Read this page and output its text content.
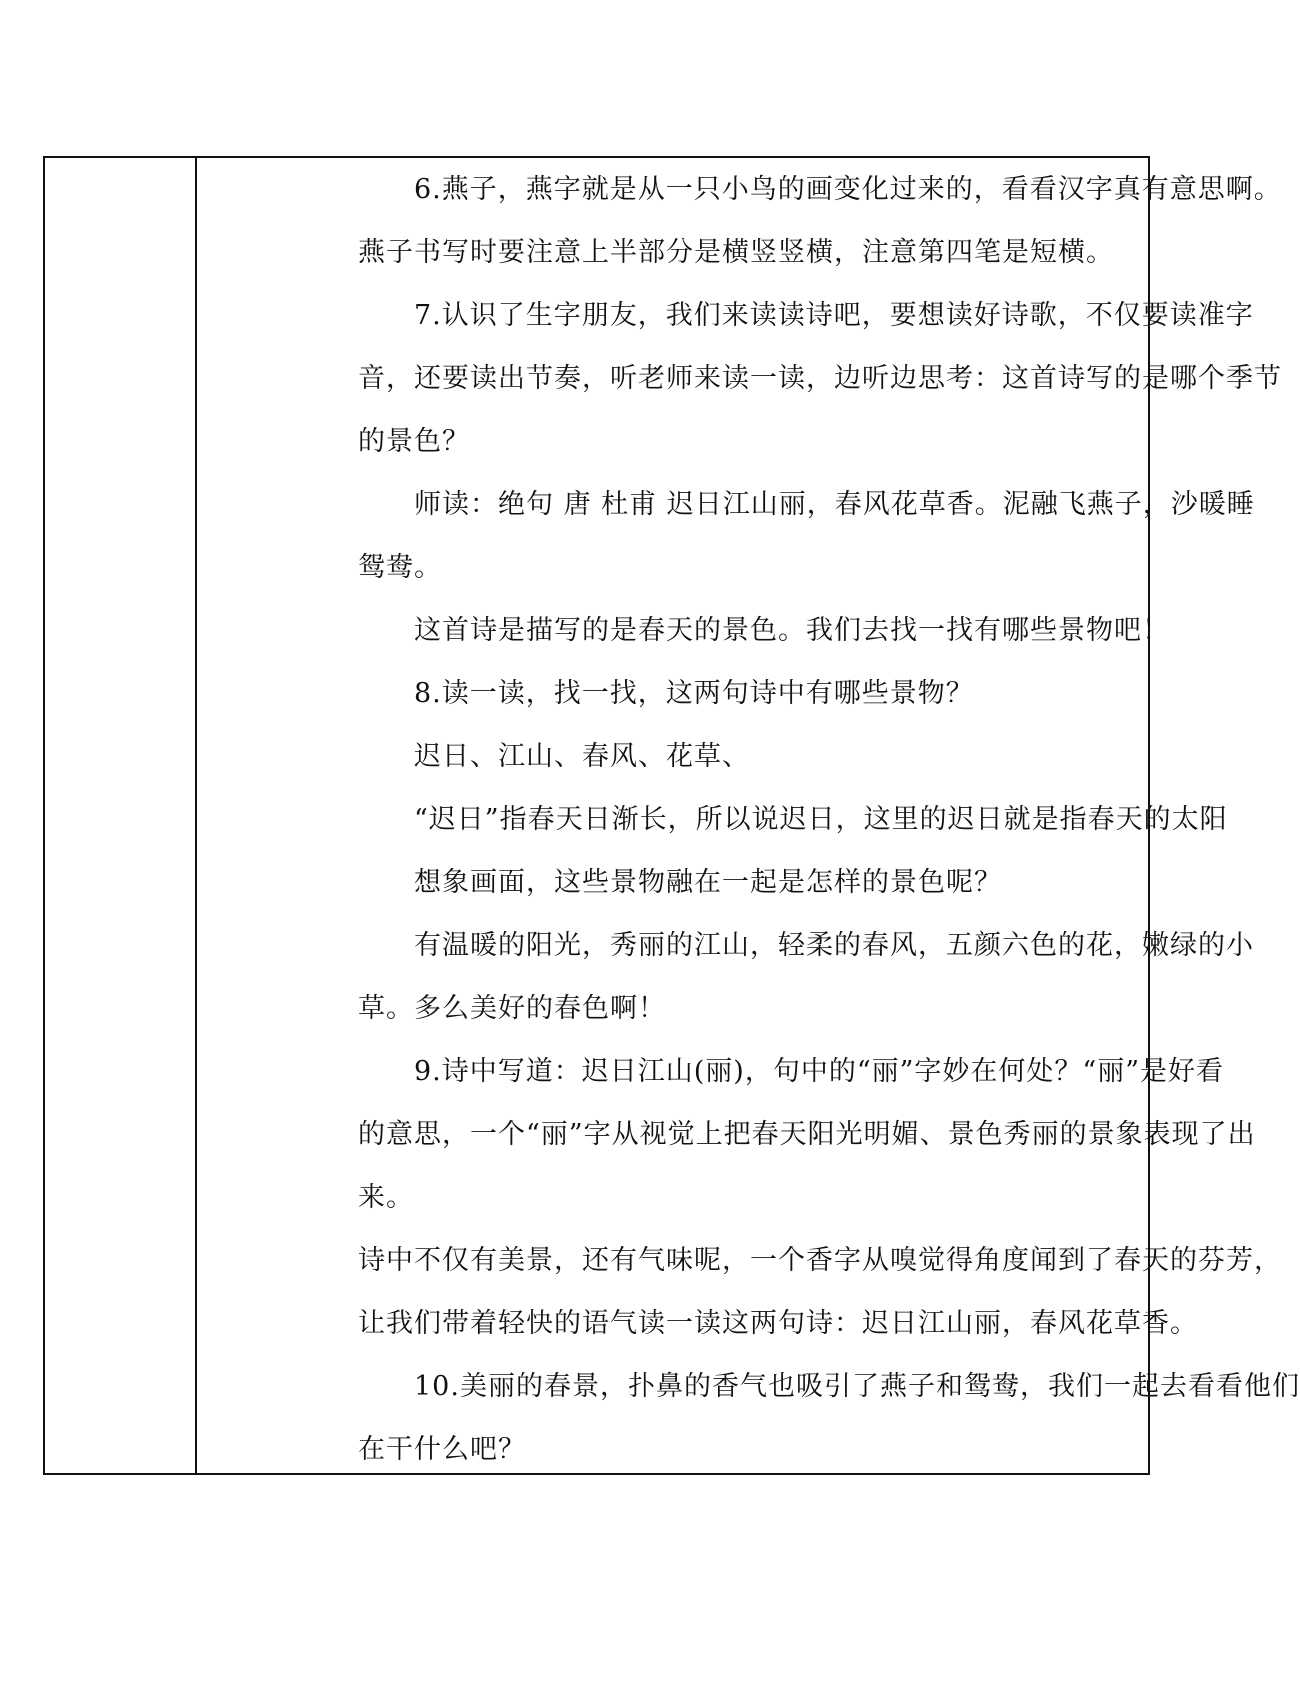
　　6.燕子，燕字就是从一只小鸟的画变化过来的，看看汉字真有意思啊。
燕子书写时要注意上半部分是横竖竖横，注意第四笔是短横。
　　7.认识了生字朋友，我们来读读诗吧，要想读好诗歌，不仅要读准字
音，还要读出节奏，听老师来读一读，边听边思考：这首诗写的是哪个季节
的景色？
　　师读：绝句 唐 杜甫 迟日江山丽，春风花草香。泥融飞燕子，沙暖睡
鸳鸯。
　　这首诗是描写的是春天的景色。我们去找一找有哪些景物吧！
　　8.读一读，找一找，这两句诗中有哪些景物？
　　迟日、江山、春风、花草、
　　“迟日”指春天日渐长，所以说迟日，这里的迟日就是指春天的太阳
　　想象画面，这些景物融在一起是怎样的景色呢？
　　有温暖的阳光，秀丽的江山，轻柔的春风，五颜六色的花，嫩绿的小
草。多么美好的春色啊！
　　9.诗中写道：迟日江山(丽)，句中的“丽”字妙在何处？“丽”是好看
的意思，一个“丽”字从视觉上把春天阳光明媚、景色秀丽的景象表现了出
来。
诗中不仅有美景，还有气味呢，一个香字从嗅觉得角度闻到了春天的芬芳，
让我们带着轻快的语气读一读这两句诗：迟日江山丽，春风花草香。
　　10.美丽的春景，扑鼻的香气也吸引了燕子和鸳鸯，我们一起去看看他们
在干什么吧？
